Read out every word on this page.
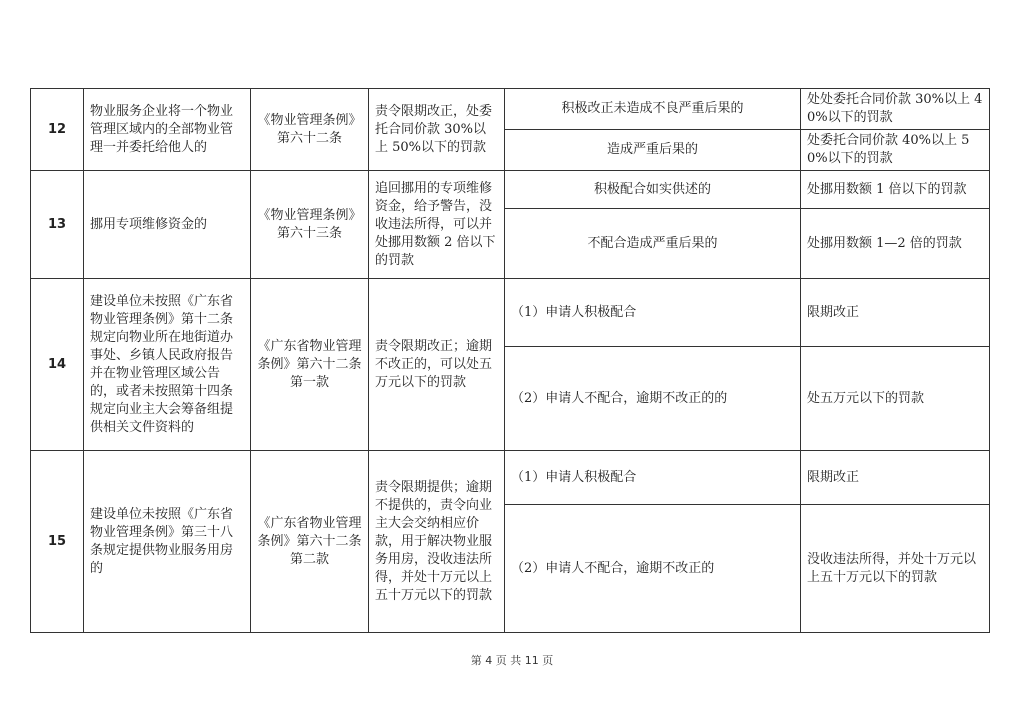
12	物业服务企业将一个物业管理区域内的全部物业管理一并委托给他人的	《物业管理条例》第六十二条	责令限期改正，处委托合同价款 30%以上 50%以下的罚款	积极改正未造成不良严重后果的	处处委托合同价款 30%以上 40%以下的罚款
				造成严重后果的	处委托合同价款 40%以上 50%以下的罚款
13	挪用专项维修资金的	《物业管理条例》第六十三条	追回挪用的专项维修资金，给予警告，没收违法所得，可以并处挪用数额 2 倍以下的罚款	积极配合如实供述的	处挪用数额 1 倍以下的罚款
				不配合造成严重后果的	处挪用数额 1—2 倍的罚款
14	建设单位未按照《广东省物业管理条例》第十二条规定向物业所在地街道办事处、乡镇人民政府报告并在物业管理区域公告的，或者未按照第十四条规定向业主大会筹备组提供相关文件资料的	《广东省物业管理条例》第六十二条第一款	责令限期改正；逾期不改正的，可以处五万元以下的罚款	（1）申请人积极配合	限期改正
				（2）申请人不配合，逾期不改正的的	处五万元以下的罚款
15	建设单位未按照《广东省物业管理条例》第三十八条规定提供物业服务用房的	《广东省物业管理条例》第六十二条第二款	责令限期提供；逾期不提供的，责令向业主大会交纳相应价款，用于解决物业服务用房，没收违法所得，并处十万元以上五十万元以下的罚款	（1）申请人积极配合	限期改正
				（2）申请人不配合，逾期不改正的	没收违法所得，并处十万元以上五十万元以下的罚款
第 4 页 共 11 页
